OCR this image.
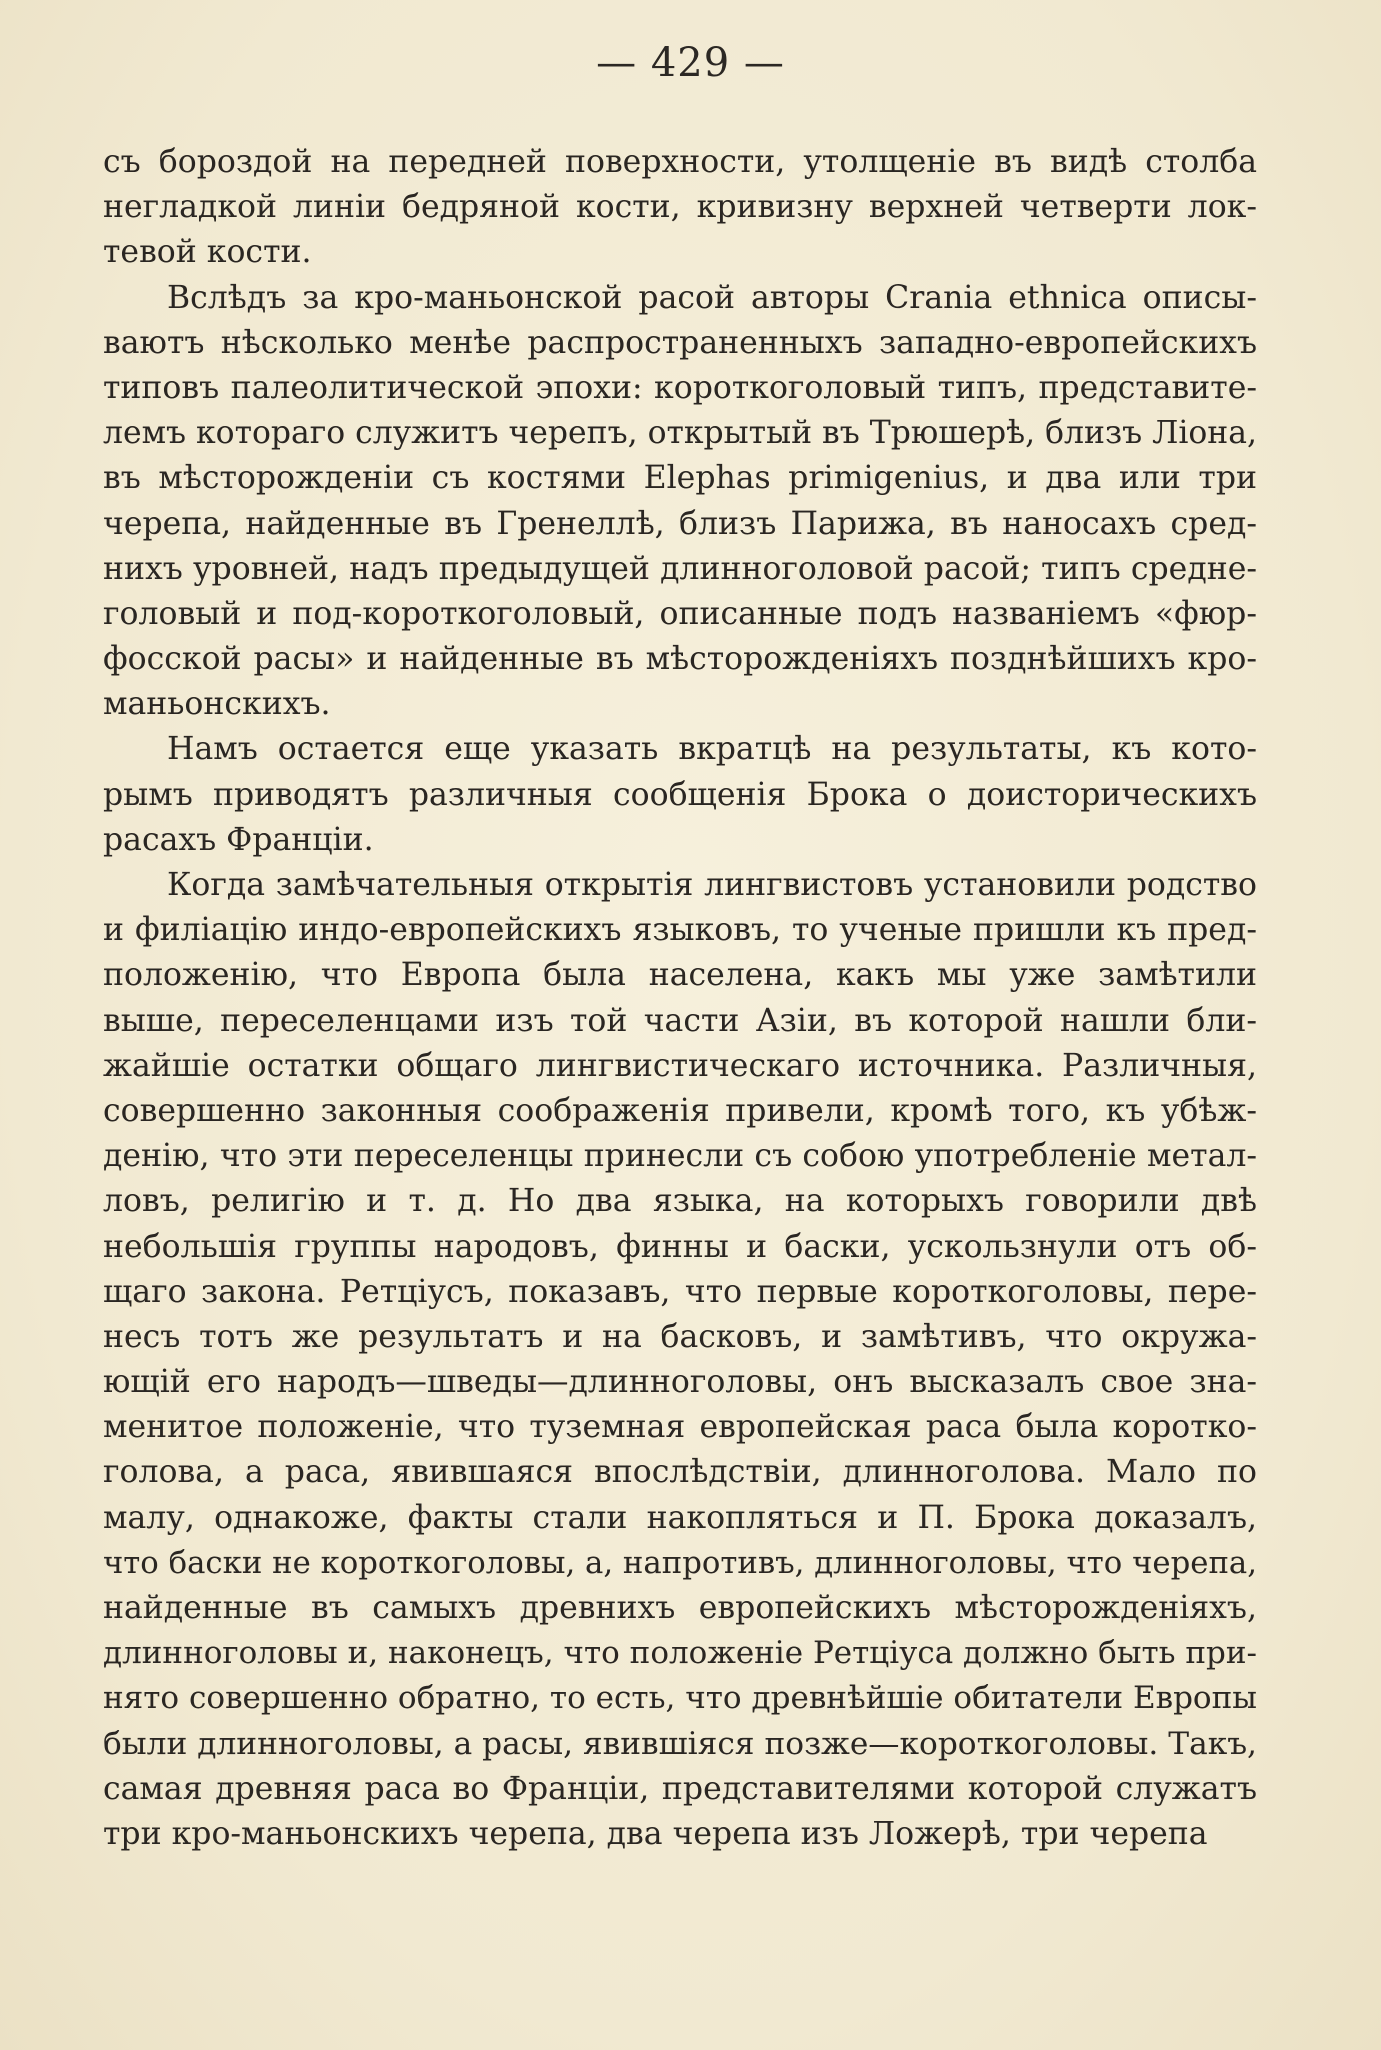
— 429 —
съ бороздой на передней поверхности, утолщеніе въ видѣ столба
негладкой линіи бедряной кости, кривизну верхней четверти лок-
тевой кости.
Вслѣдъ за кро-маньонской расой авторы Crania ethnica описы-
ваютъ нѣсколько менѣе распространенныхъ западно-европейскихъ
типовъ палеолитической эпохи: короткоголовый типъ, представите-
лемъ котораго служитъ черепъ, открытый въ Трюшерѣ, близъ Ліона,
въ мѣсторожденіи съ костями Elephas primigenius, и два или три
черепа, найденные въ Гренеллѣ, близъ Парижа, въ наносахъ сред-
нихъ уровней, надъ предыдущей длинноголовой расой; типъ средне-
головый и под-короткоголовый, описанные подъ названіемъ «фюр-
фосской расы» и найденные въ мѣсторожденіяхъ позднѣйшихъ кро-
маньонскихъ.
Намъ остается еще указать вкратцѣ на результаты, къ кото-
рымъ приводятъ различныя сообщенія Брока о доисторическихъ
расахъ Франціи.
Когда замѣчательныя открытія лингвистовъ установили родство
и филіацію индо-европейскихъ языковъ, то ученые пришли къ пред-
положенію, что Европа была населена, какъ мы уже замѣтили
выше, переселенцами изъ той части Азіи, въ которой нашли бли-
жайшіе остатки общаго лингвистическаго источника. Различныя,
совершенно законныя соображенія привели, кромѣ того, къ убѣж-
денію, что эти переселенцы принесли съ собою употребленіе метал-
ловъ, религію и т. д. Но два языка, на которыхъ говорили двѣ
небольшія группы народовъ, финны и баски, ускользнули отъ об-
щаго закона. Ретціусъ, показавъ, что первые короткоголовы, пере-
несъ тотъ же результатъ и на басковъ, и замѣтивъ, что окружа-
ющій его народъ—шведы—длинноголовы, онъ высказалъ свое зна-
менитое положеніе, что туземная европейская раса была коротко-
голова, а раса, явившаяся впослѣдствіи, длинноголова. Мало по
малу, однакоже, факты стали накопляться и П. Брока доказалъ,
что баски не короткоголовы, а, напротивъ, длинноголовы, что черепа,
найденные въ самыхъ древнихъ европейскихъ мѣсторожденіяхъ,
длинноголовы и, наконецъ, что положеніе Ретціуса должно быть при-
нято совершенно обратно, то есть, что древнѣйшіе обитатели Европы
были длинноголовы, а расы, явившіяся позже—короткоголовы. Такъ,
самая древняя раса во Франціи, представителями которой служатъ
три кро-маньонскихъ черепа, два черепа изъ Ложерѣ, три черепа
